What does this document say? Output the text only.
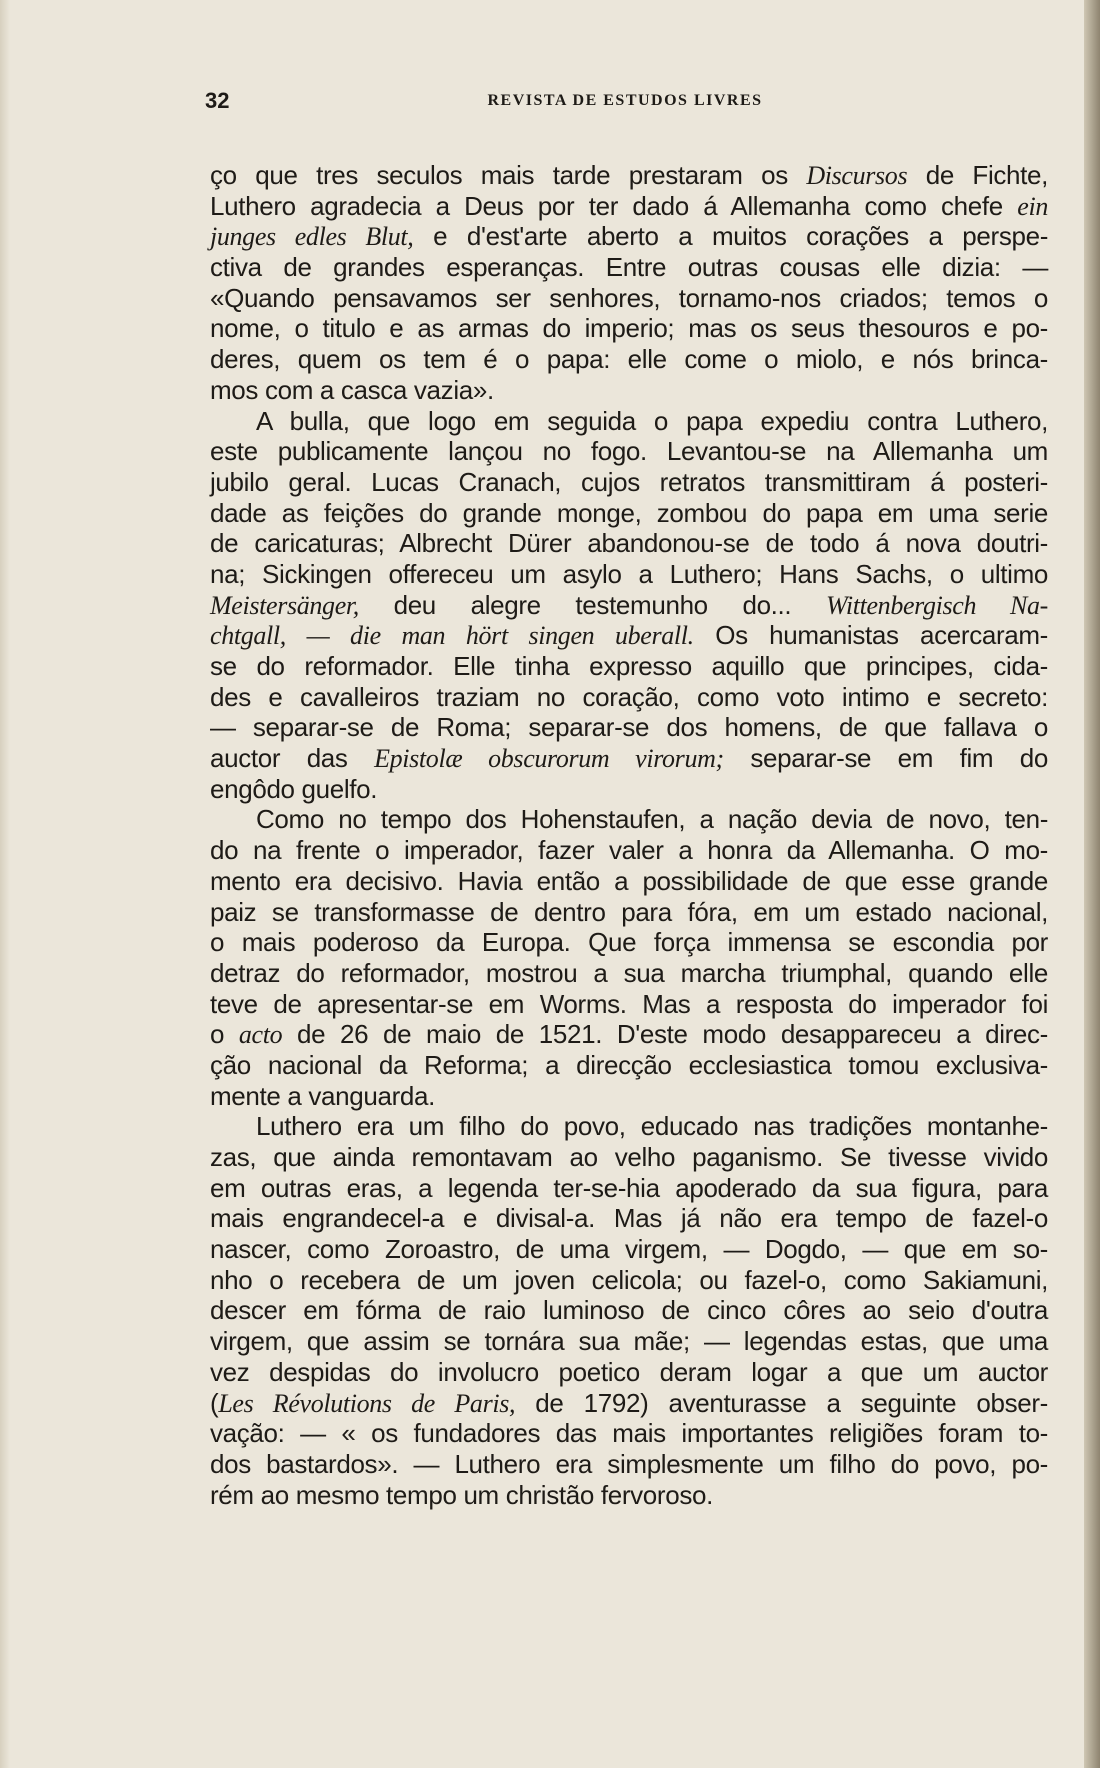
32	REVISTA DE ESTUDOS LIVRES
ço que tres seculos mais tarde prestaram os Discursos de Fichte,
Luthero agradecia a Deus por ter dado á Allemanha como chefe ein
junges edles Blut, e d'est'arte aberto a muitos corações a perspe-
ctiva de grandes esperanças. Entre outras cousas elle dizia: —
«Quando pensavamos ser senhores, tornamo-nos criados; temos o
nome, o titulo e as armas do imperio; mas os seus thesouros e po-
deres, quem os tem é o papa: elle come o miolo, e nós brinca-
mos com a casca vazia».
A bulla, que logo em seguida o papa expediu contra Luthero,
este publicamente lançou no fogo. Levantou-se na Allemanha um
jubilo geral. Lucas Cranach, cujos retratos transmittiram á posteri-
dade as feições do grande monge, zombou do papa em uma serie
de caricaturas; Albrecht Dürer abandonou-se de todo á nova doutri-
na; Sickingen offereceu um asylo a Luthero; Hans Sachs, o ultimo
Meistersänger, deu alegre testemunho do... Wittenbergisch Na-
chtgall, — die man hört singen uberall. Os humanistas acercaram-
se do reformador. Elle tinha expresso aquillo que principes, cida-
des e cavalleiros traziam no coração, como voto intimo e secreto:
— separar-se de Roma; separar-se dos homens, de que fallava o
auctor das Epistolæ obscurorum virorum; separar-se em fim do
engôdo guelfo.
Como no tempo dos Hohenstaufen, a nação devia de novo, ten-
do na frente o imperador, fazer valer a honra da Allemanha. O mo-
mento era decisivo. Havia então a possibilidade de que esse grande
paiz se transformasse de dentro para fóra, em um estado nacional,
o mais poderoso da Europa. Que força immensa se escondia por
detraz do reformador, mostrou a sua marcha triumphal, quando elle
teve de apresentar-se em Worms. Mas a resposta do imperador foi
o acto de 26 de maio de 1521. D'este modo desappareceu a direc-
ção nacional da Reforma; a direcção ecclesiastica tomou exclusiva-
mente a vanguarda.
Luthero era um filho do povo, educado nas tradições montanhe-
zas, que ainda remontavam ao velho paganismo. Se tivesse vivido
em outras eras, a legenda ter-se-hia apoderado da sua figura, para
mais engrandecel-a e divisal-a. Mas já não era tempo de fazel-o
nascer, como Zoroastro, de uma virgem, — Dogdo, — que em so-
nho o recebera de um joven celicola; ou fazel-o, como Sakiamuni,
descer em fórma de raio luminoso de cinco côres ao seio d'outra
virgem, que assim se tornára sua mãe; — legendas estas, que uma
vez despidas do involucro poetico deram logar a que um auctor
(Les Révolutions de Paris, de 1792) aventurasse a seguinte obser-
vação: — « os fundadores das mais importantes religiões foram to-
dos bastardos». — Luthero era simplesmente um filho do povo, po-
rém ao mesmo tempo um christão fervoroso.
